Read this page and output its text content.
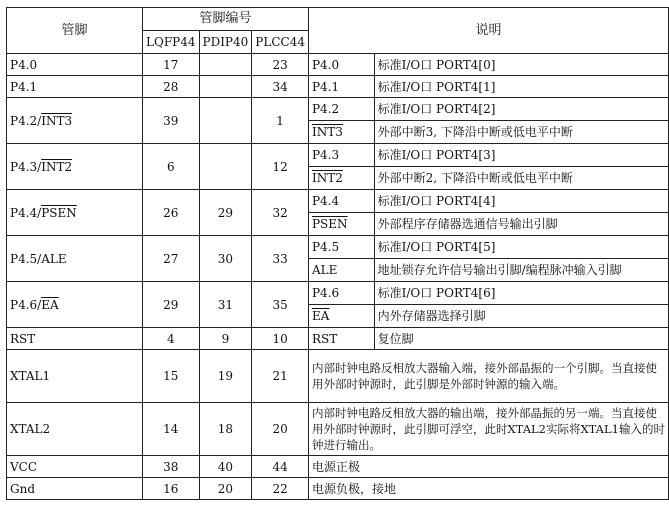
管脚	管脚编号			说明	
	LQFP44	PDIP40	PLCC44		
P4.0	17		23	P4.0	标准I/O口 PORT4[0]
P4.1	28		34	P4.1	标准I/O口 PORT4[1]
P4.2/INT3	39		1	P4.2	标准I/O口 PORT4[2]
				INT3	外部中断3, 下降沿中断或低电平中断
P4.3/INT2	6		12	P4.3	标准I/O口 PORT4[3]
				INT2	外部中断2, 下降沿中断或低电平中断
P4.4/PSEN	26	29	32	P4.4	标准I/O口 PORT4[4]
				PSEN	外部程序存储器选通信号输出引脚
P4.5/ALE	27	30	33	P4.5	标准I/O口 PORT4[5]
				ALE	地址锁存允许信号输出引脚/编程脉冲输入引脚
$P4.6/\overline{EA}$	29	31	35	P4.6	标准I/O口 PORT4[6]
				$\overline{EA}$	内外存储器选择引脚
RST	4	9	10	RST	复位脚
XTAL1	15	19	21	内部时钟电路反相放大器输入端，接外部晶振的一个引脚。当直接使用外部时钟源时，此引脚是外部时钟源的输入端。	
XTAL2	14	18	20	内部时钟电路反相放大器的输出端，接外部晶振的另一端。当直接使用外部时钟源时，此引脚可浮空，此时XTAL2实际将XTAL1输入的时钟进行输出。	
VCC	38	40	44	电源正极	
Gnd	16	20	22	电源负极，接地	
